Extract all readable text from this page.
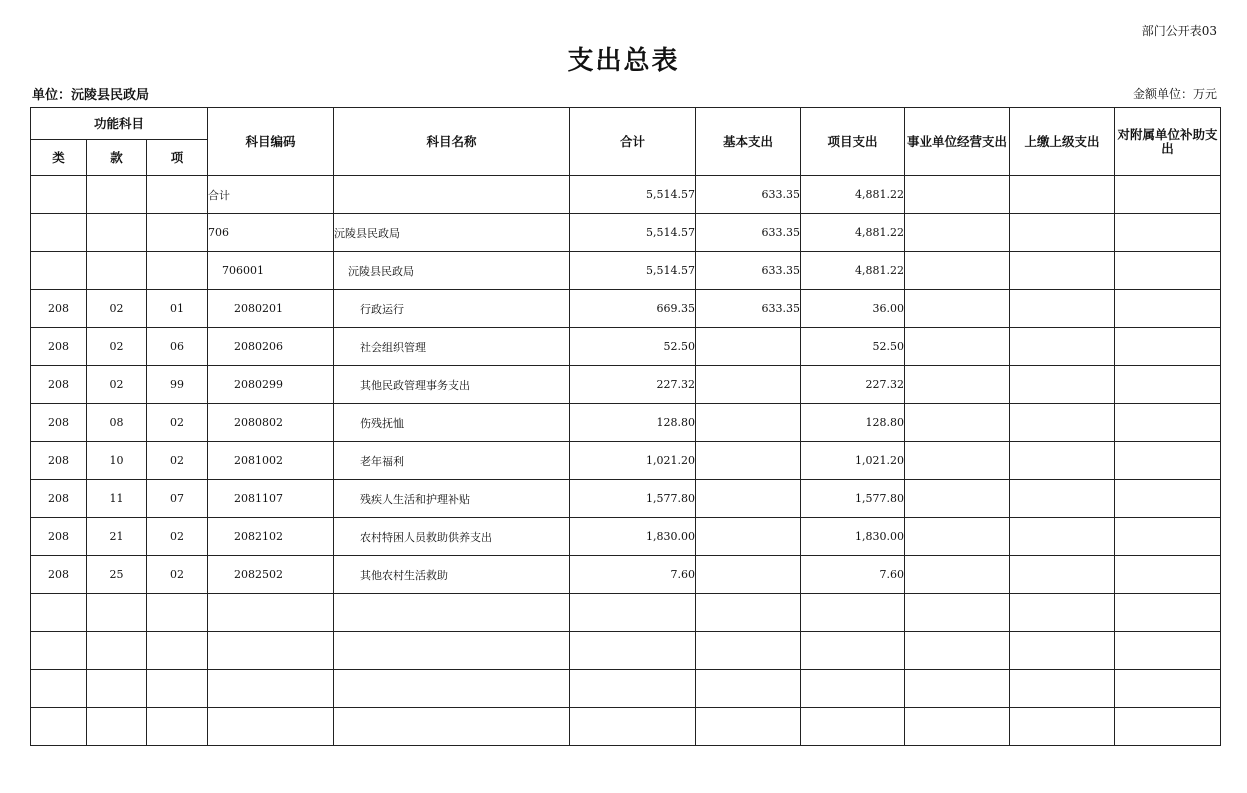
部门公开表03
支出总表
单位：沅陵县民政局	金额单位：万元
功能科目			科目编码	科目名称	合计	基本支出	项目支出	事业单位经营支出	上缴上级支出	对附属单位补助支出
类	款	项								
			合计		5,514.57	633.35	4,881.22			
			706	沅陵县民政局	5,514.57	633.35	4,881.22			
			706001	沅陵县民政局	5,514.57	633.35	4,881.22			
208	02	01	2080201	行政运行	669.35	633.35	36.00			
208	02	06	2080206	社会组织管理	52.50		52.50			
208	02	99	2080299	其他民政管理事务支出	227.32		227.32			
208	08	02	2080802	伤残抚恤	128.80		128.80			
208	10	02	2081002	老年福利	1,021.20		1,021.20			
208	11	07	2081107	残疾人生活和护理补贴	1,577.80		1,577.80			
208	21	02	2082102	农村特困人员救助供养支出	1,830.00		1,830.00			
208	25	02	2082502	其他农村生活救助	7.60		7.60			
